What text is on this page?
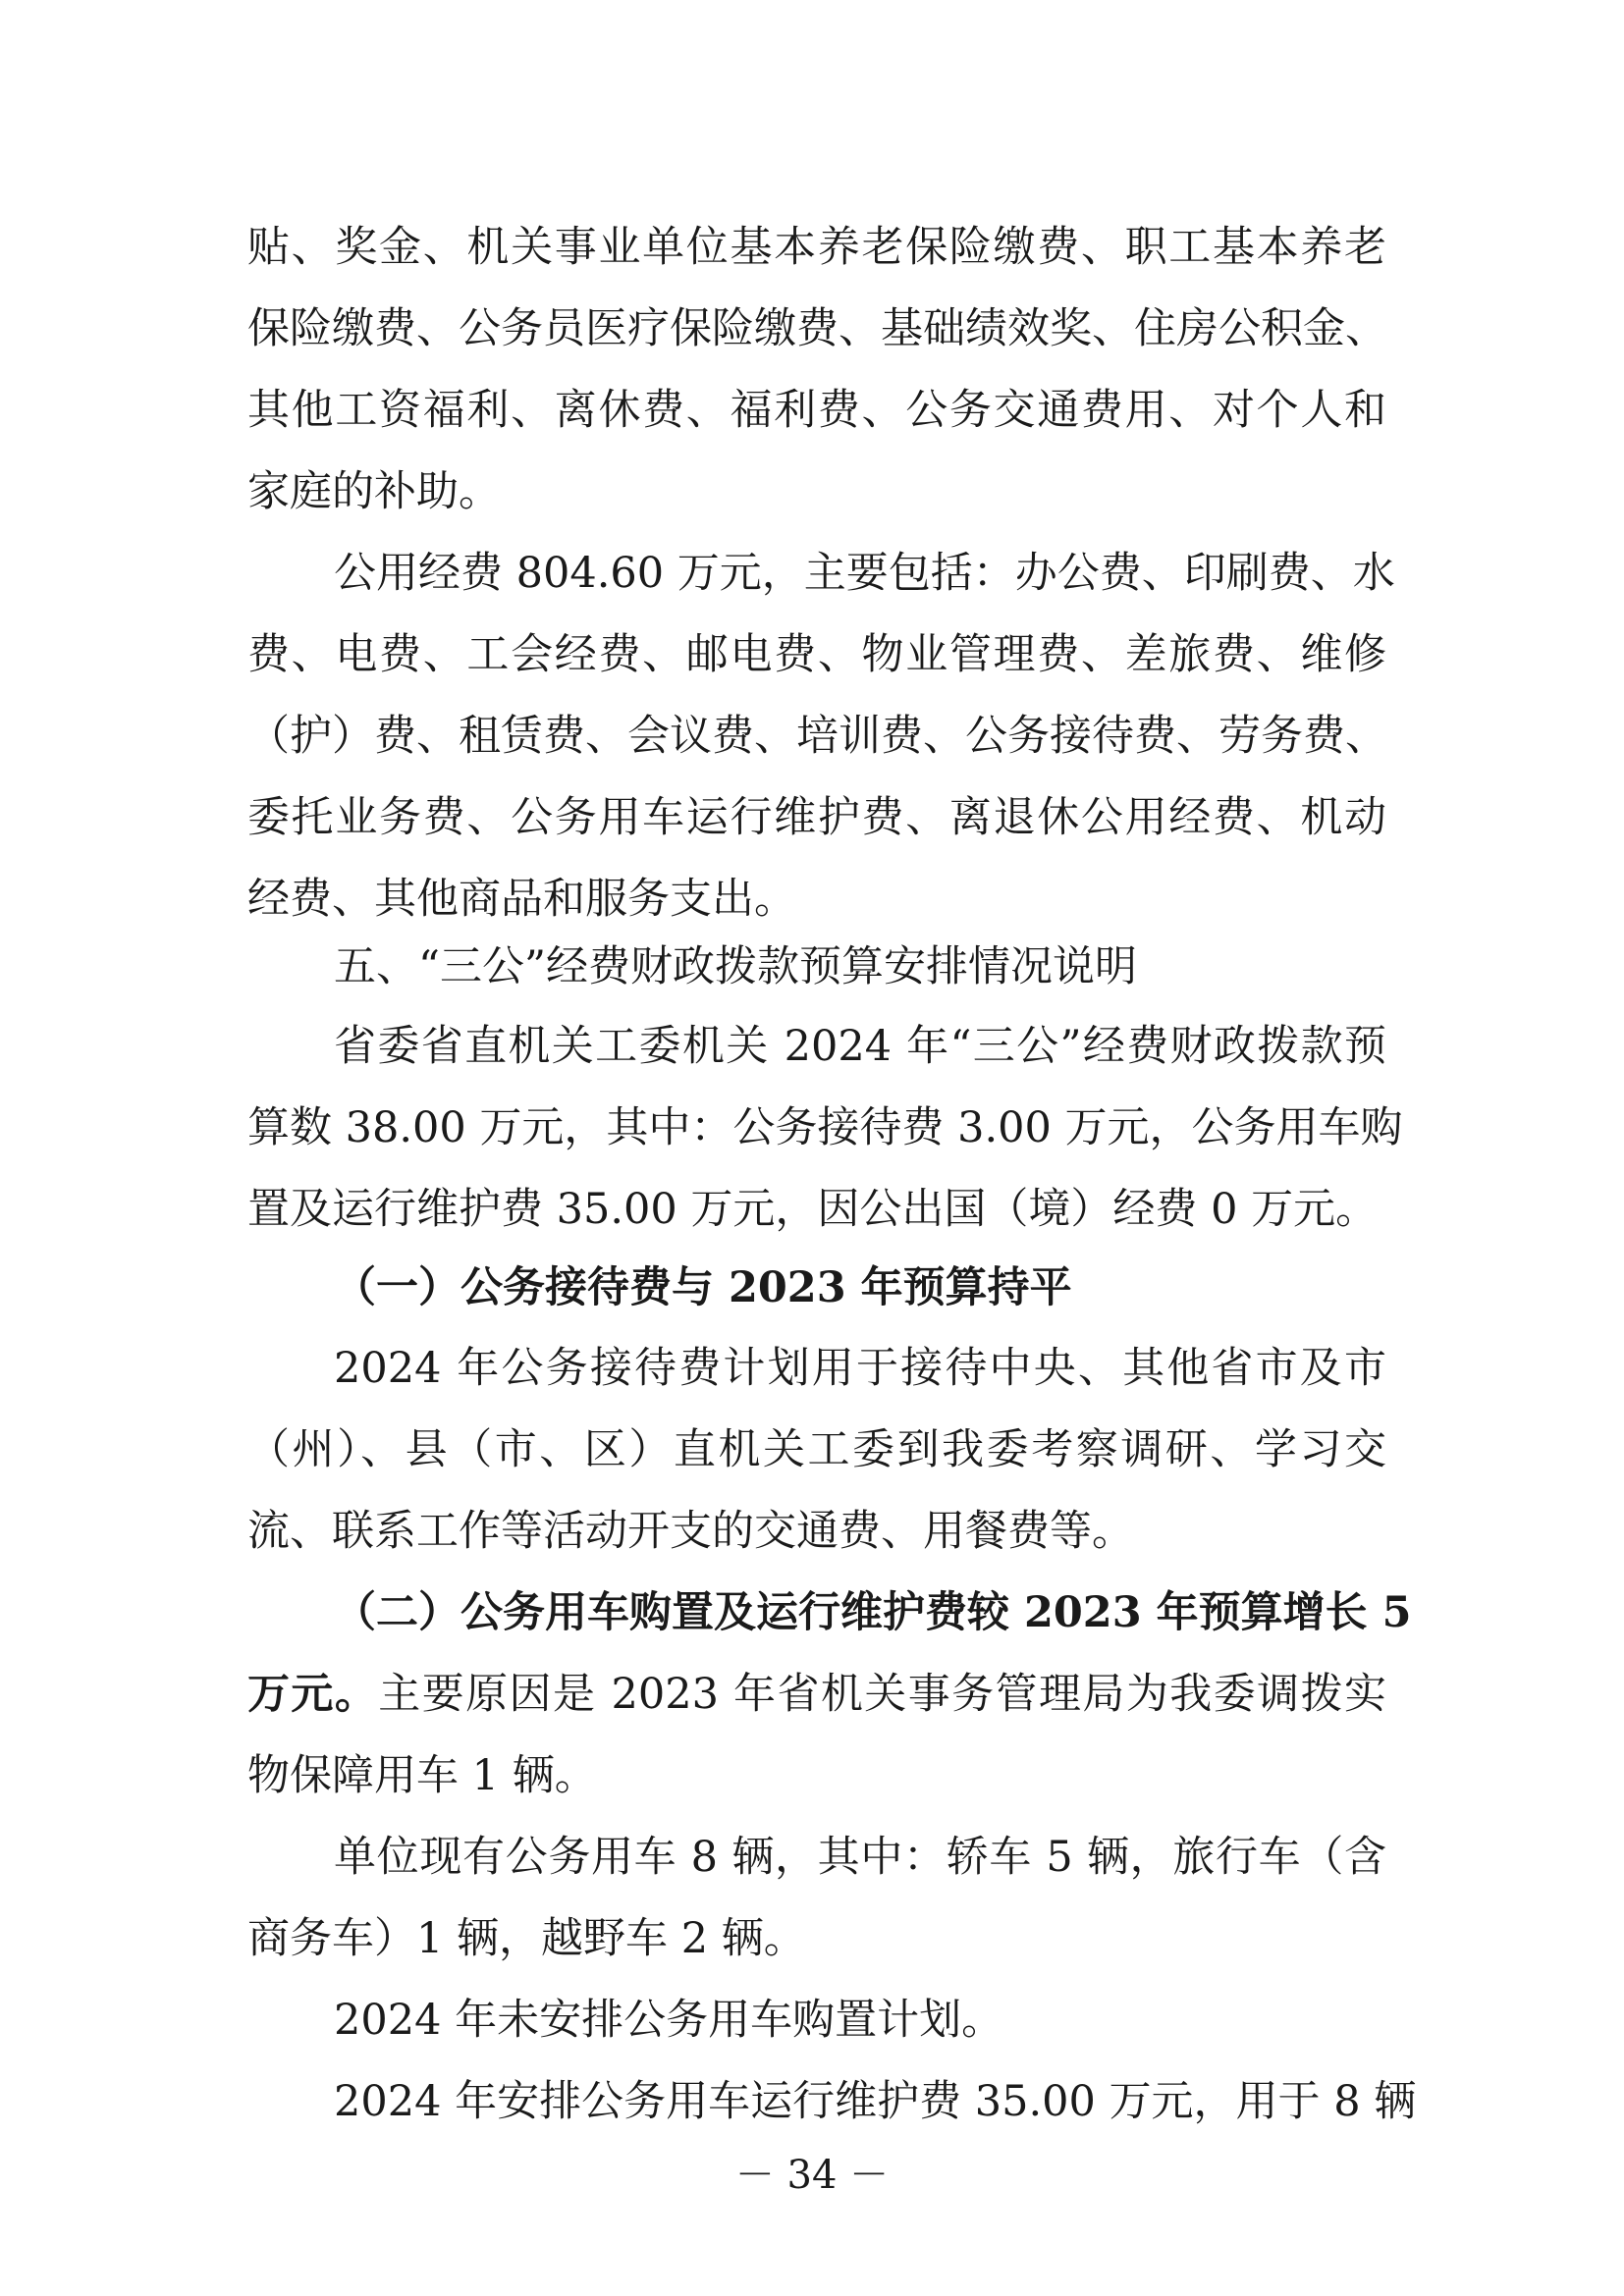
贴、奖金、机关事业单位基本养老保险缴费、职工基本养老
保险缴费、公务员医疗保险缴费、基础绩效奖、住房公积金、
其他工资福利、离休费、福利费、公务交通费用、对个人和
家庭的补助。
公用经费 804.60 万元，主要包括：办公费、印刷费、水
费、电费、工会经费、邮电费、物业管理费、差旅费、维修
（护）费、租赁费、会议费、培训费、公务接待费、劳务费、
委托业务费、公务用车运行维护费、离退休公用经费、机动
经费、其他商品和服务支出。
五、“三公”经费财政拨款预算安排情况说明
省委省直机关工委机关 2024 年“三公”经费财政拨款预
算数 38.00 万元，其中：公务接待费 3.00 万元，公务用车购
置及运行维护费 35.00 万元，因公出国（境）经费 0 万元。
（一）公务接待费与 2023 年预算持平
2024 年公务接待费计划用于接待中央、其他省市及市
（州）、县（市、区）直机关工委到我委考察调研、学习交
流、联系工作等活动开支的交通费、用餐费等。
（二）公务用车购置及运行维护费较 2023 年预算增长 5
万元。主要原因是 2023 年省机关事务管理局为我委调拨实
物保障用车 1 辆。
单位现有公务用车 8 辆，其中：轿车 5 辆，旅行车（含
商务车）1 辆，越野车 2 辆。
2024 年未安排公务用车购置计划。
2024 年安排公务用车运行维护费 35.00 万元，用于 8 辆
－ 34 －
